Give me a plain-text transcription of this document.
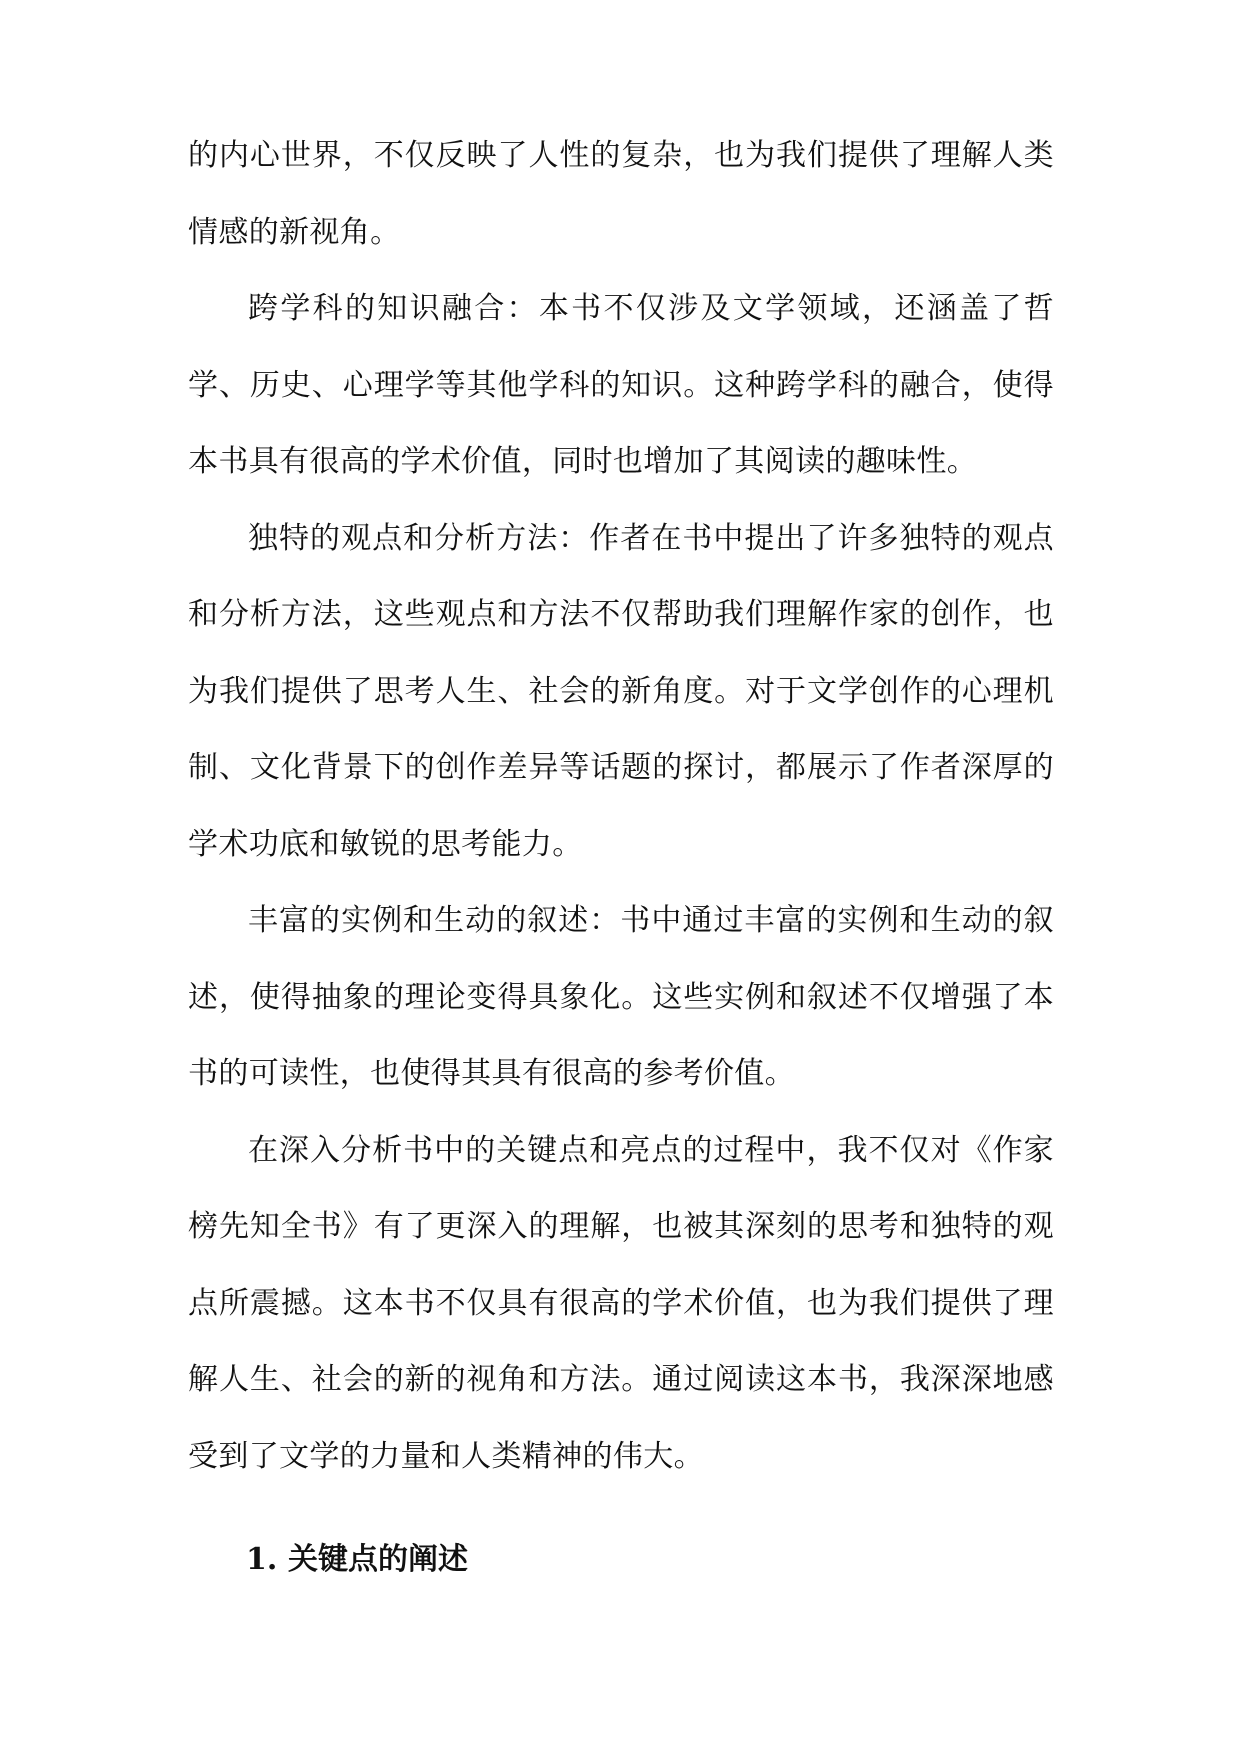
的内心世界，不仅反映了人性的复杂，也为我们提供了理解人类情感的新视角。

跨学科的知识融合：本书不仅涉及文学领域，还涵盖了哲学、历史、心理学等其他学科的知识。这种跨学科的融合，使得本书具有很高的学术价值，同时也增加了其阅读的趣味性。

独特的观点和分析方法：作者在书中提出了许多独特的观点和分析方法，这些观点和方法不仅帮助我们理解作家的创作，也为我们提供了思考人生、社会的新角度。对于文学创作的心理机制、文化背景下的创作差异等话题的探讨，都展示了作者深厚的学术功底和敏锐的思考能力。

丰富的实例和生动的叙述：书中通过丰富的实例和生动的叙述，使得抽象的理论变得具象化。这些实例和叙述不仅增强了本书的可读性，也使得其具有很高的参考价值。

在深入分析书中的关键点和亮点的过程中，我不仅对《作家榜先知全书》有了更深入的理解，也被其深刻的思考和独特的观点所震撼。这本书不仅具有很高的学术价值，也为我们提供了理解人生、社会的新的视角和方法。通过阅读这本书，我深深地感受到了文学的力量和人类精神的伟大。

1. 关键点的阐述
